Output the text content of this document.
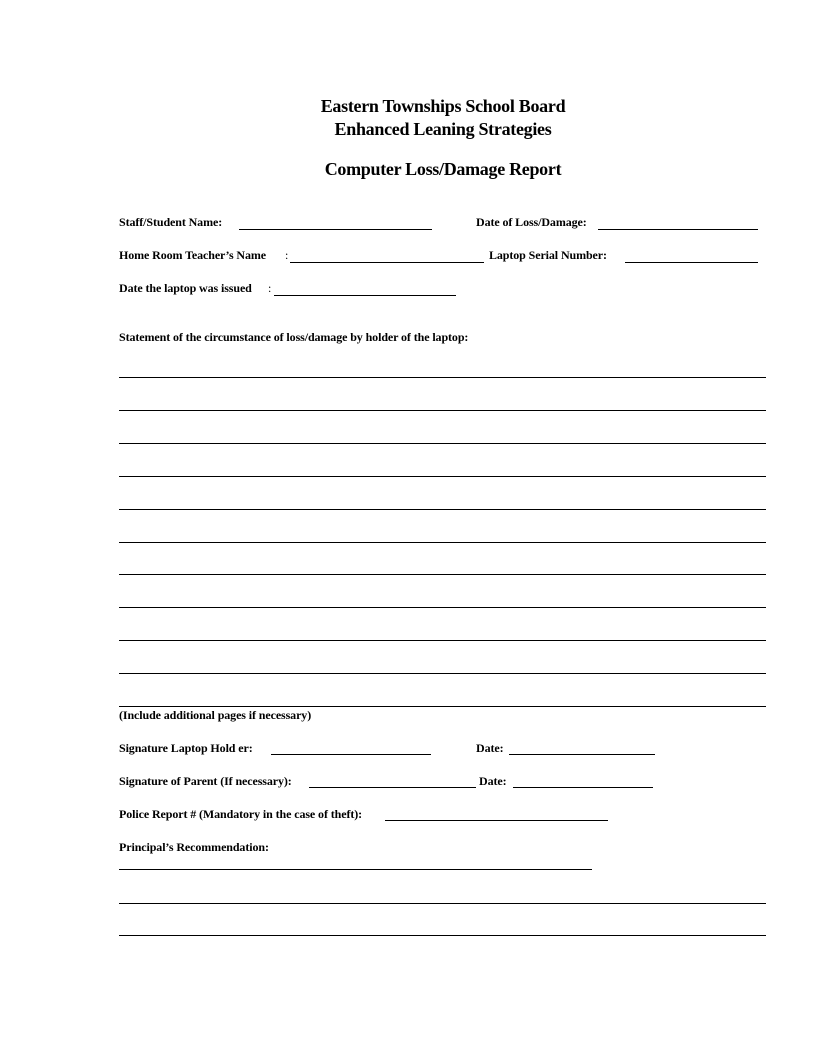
Eastern Townships School Board
Enhanced Leaning Strategies
Computer Loss/Damage Report
Staff/Student Name:	Date of Loss/Damage:
Home Room Teacher’s Name :	Laptop Serial Number:
Date the laptop was issued :
Statement of the circumstance of loss/damage by holder of the laptop:
(Include additional pages if necessary)
Signature Laptop Hold er:	Date:
Signature of Parent (If necessary):	Date:
Police Report # (Mandatory in the case of theft):
Principal’s Recommendation:
